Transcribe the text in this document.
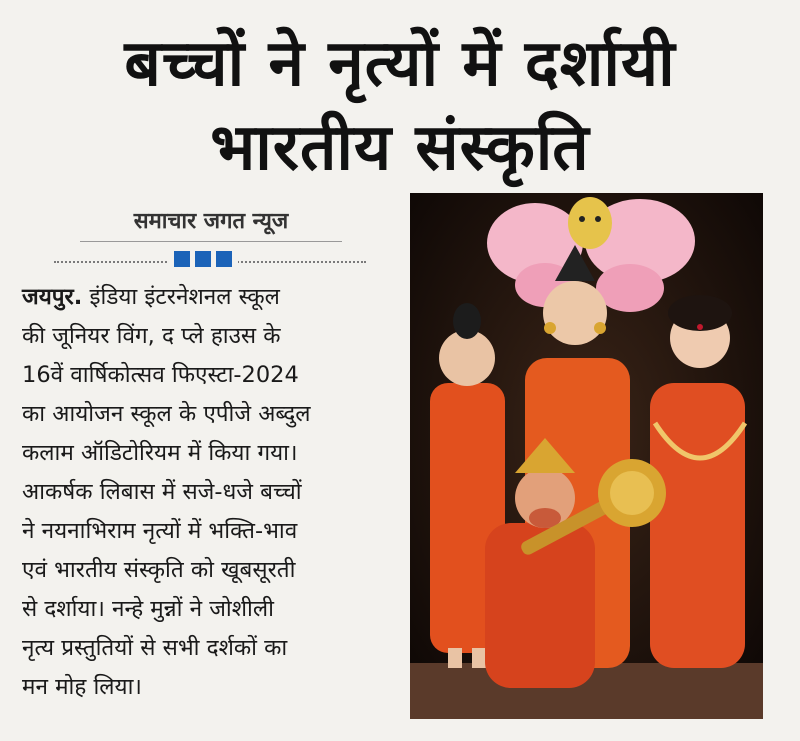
बच्चों ने नृत्यों में दर्शायी
भारतीय संस्कृति
समाचार जगत न्यूज

जयपुर. इंडिया इंटरनेशनल स्कूल

की जूनियर विंग, द प्ले हाउस के

16वें वार्षिकोत्सव फिएस्टा-2024

का आयोजन स्कूल के एपीजे अब्दुल

कलाम ऑडिटोरियम में किया गया।

आकर्षक लिबास में सजे-धजे बच्चों

ने नयनाभिराम नृत्यों में भक्ति-भाव

एवं भारतीय संस्कृति को खूबसूरती

से दर्शाया। नन्हे मुन्नों ने जोशीली

नृत्य प्रस्तुतियों से सभी दर्शकों का

मन मोह लिया।
